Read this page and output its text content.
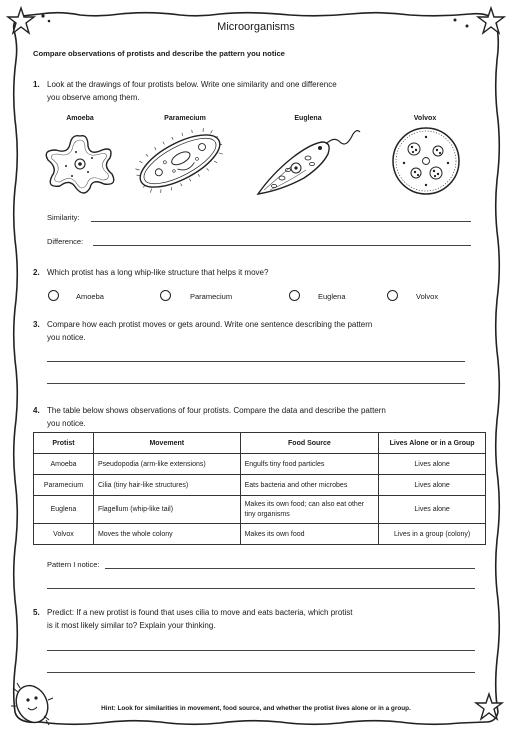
Microorganisms
Compare observations of protists and describe the pattern you notice
1. Look at the drawings of four protists below. Write one similarity and one difference
you observe among them.
Amoeba	Paramecium	Euglena	Volvox
Similarity:
Difference:
2. Which protist has a long whip-like structure that helps it move?
Amoeba	Paramecium	Euglena	Volvox
3. Compare how each protist moves or gets around. Write one sentence describing the pattern
you notice.
4. The table below shows observations of four protists. Compare the data and describe the pattern
you notice.
Protist	Movement	Food Source	Lives Alone or in a Group
Amoeba	Pseudopodia (arm-like extensions)	Engulfs tiny food particles	Lives alone
Paramecium	Cilia (tiny hair-like structures)	Eats bacteria and other microbes	Lives alone
Euglena	Flagellum (whip-like tail)	Makes its own food; can also eat other tiny organisms	Lives alone
Volvox	Moves the whole colony	Makes its own food	Lives in a group (colony)
Pattern I notice:
5. Predict: If a new protist is found that uses cilia to move and eats bacteria, which protist
is it most likely similar to? Explain your thinking.
Hint: Look for similarities in movement, food source, and whether the protist lives alone or in a group.
